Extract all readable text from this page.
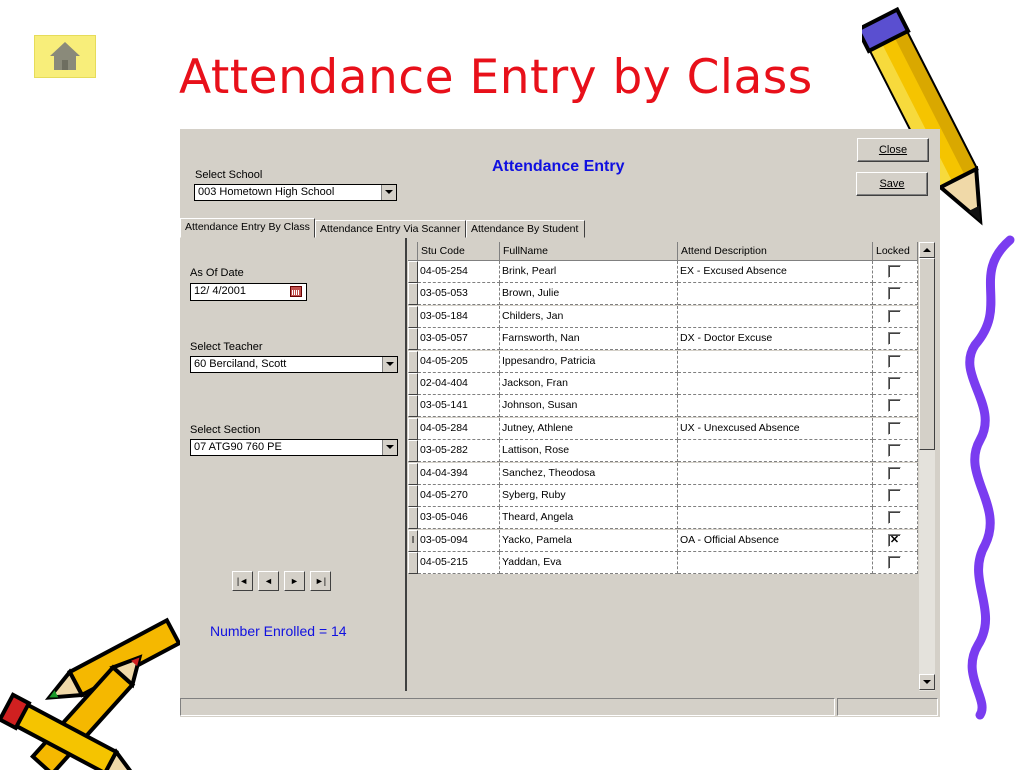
Attendance Entry by Class
Select School
003 Hometown High School
Attendance Entry
Close
Save
Attendance Entry By Class Attendance Entry Via Scanner	Attendance By Student
As Of Date
12/ 4/2001
Select Teacher
60 Berciland, Scott
Select Section
07 ATG90 760 PE
|◄	◄	►	►|
Number Enrolled = 14
Stu Code	FullName	Attend Description	Locked
04-05-254	Brink, Pearl	EX - Excused Absence
03-05-053	Brown, Julie
03-05-184	Childers, Jan
03-05-057	Farnsworth, Nan	DX - Doctor Excuse
04-05-205	Ippesandro, Patricia
02-04-404	Jackson, Fran
03-05-141	Johnson, Susan
04-05-284	Jutney, Athlene	UX - Unexcused Absence
03-05-282	Lattison, Rose
04-04-394	Sanchez, Theodosa
04-05-270	Syberg, Ruby
03-05-046	Theard, Angela
I 03-05-094	Yacko, Pamela	OA - Official Absence	✕
04-05-215	Yaddan, Eva
